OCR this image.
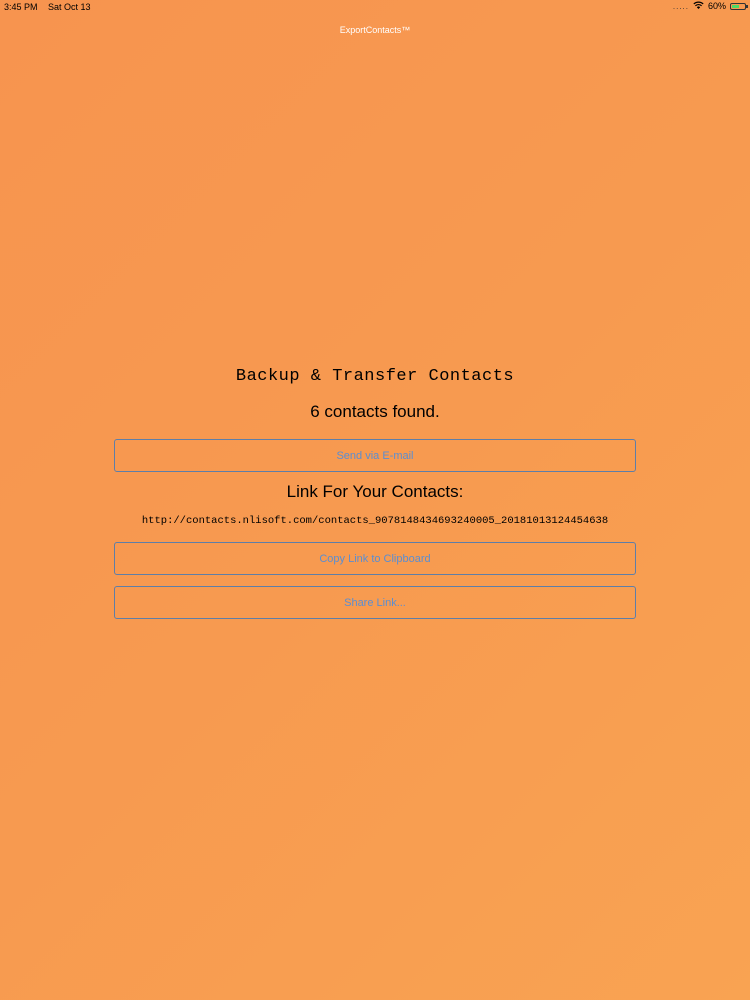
3:45 PM Sat Oct 13	..... 60%
ExportContacts™
Backup & Transfer Contacts
6 contacts found.
Send via E-mail
Link For Your Contacts:
http://contacts.nlisoft.com/contacts_9078148434693240005_20181013124454638
Copy Link to Clipboard
Share Link...
